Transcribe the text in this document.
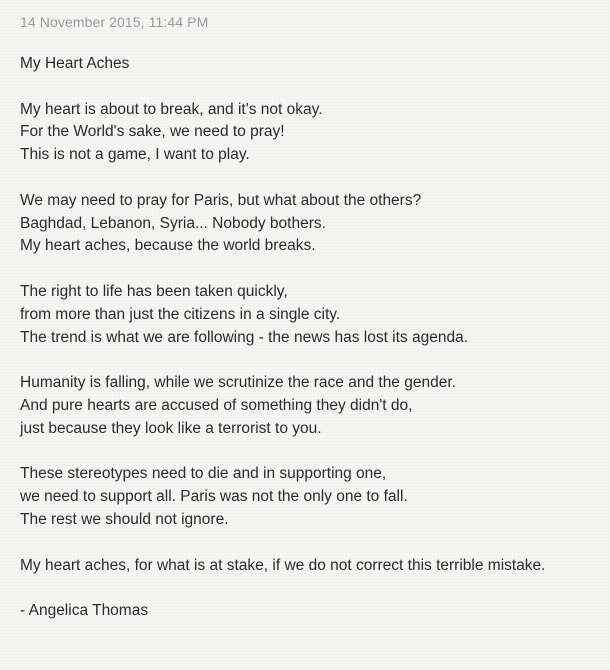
14 November 2015, 11:44 PM
My Heart Aches
My heart is about to break, and it's not okay.
For the World's sake, we need to pray!
This is not a game, I want to play.
We may need to pray for Paris, but what about the others?
Baghdad, Lebanon, Syria... Nobody bothers.
My heart aches, because the world breaks.
The right to life has been taken quickly,
from more than just the citizens in a single city.
The trend is what we are following - the news has lost its agenda.
Humanity is falling, while we scrutinize the race and the gender.
And pure hearts are accused of something they didn't do,
just because they look like a terrorist to you.
These stereotypes need to die and in supporting one,
we need to support all. Paris was not the only one to fall.
The rest we should not ignore.
My heart aches, for what is at stake, if we do not correct this terrible mistake.
- Angelica Thomas
